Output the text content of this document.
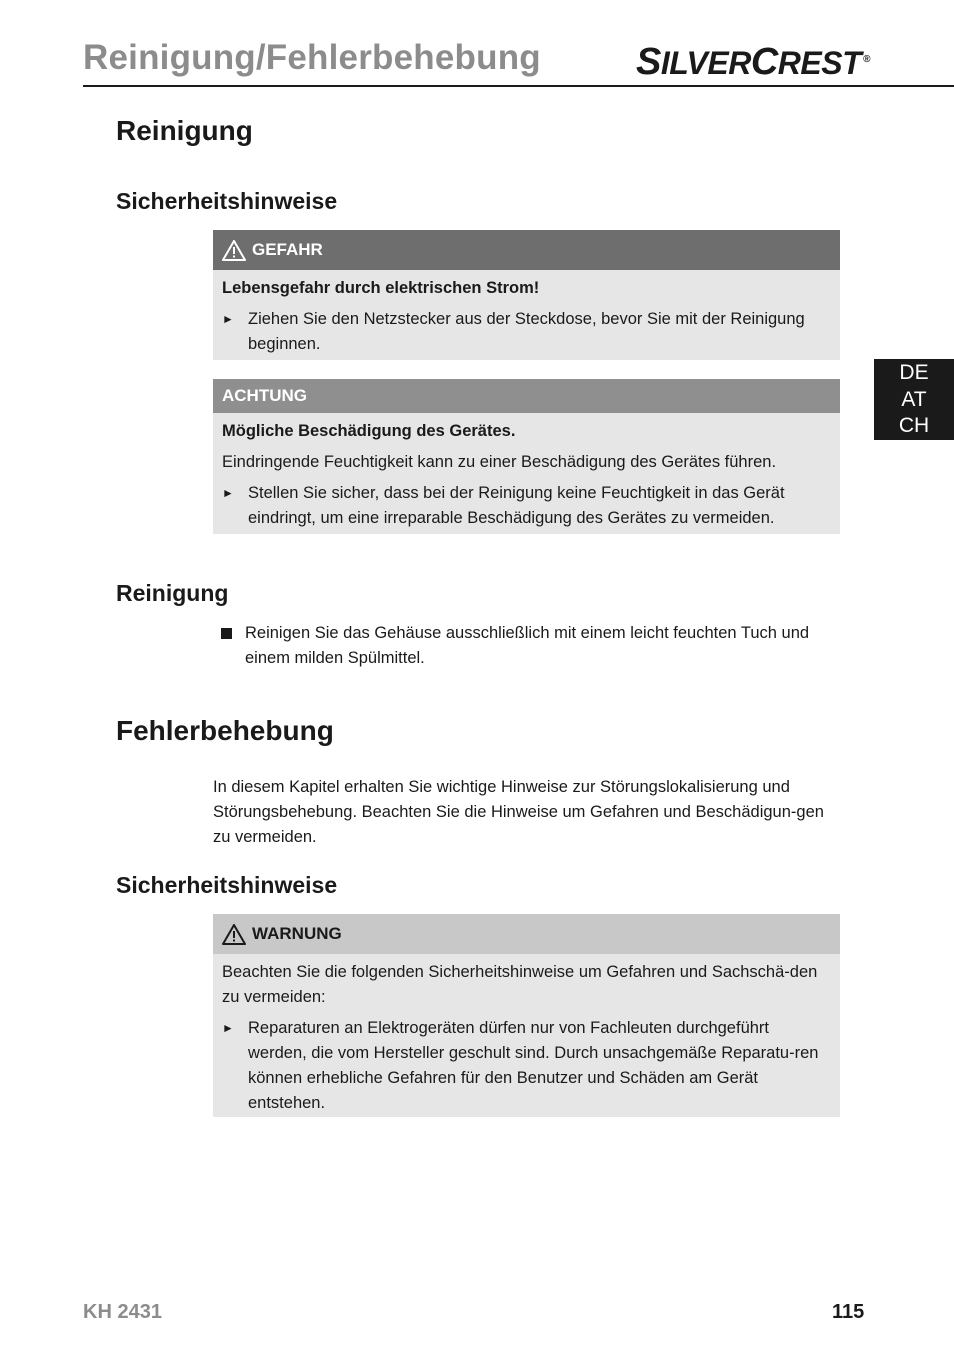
Reinigung/Fehlerbehebung	SILVERCREST ®
DE
AT
CH
Reinigung
Sicherheitshinweise
GEFAHR
Lebensgefahr durch elektrischen Strom!
► Ziehen Sie den Netzstecker aus der Steckdose, bevor Sie mit der Reinigung beginnen.
ACHTUNG
Mögliche Beschädigung des Gerätes.
Eindringende Feuchtigkeit kann zu einer Beschädigung des Gerätes führen.
► Stellen Sie sicher, dass bei der Reinigung keine Feuchtigkeit in das Gerät eindringt, um eine irreparable Beschädigung des Gerätes zu vermeiden.
Reinigung
Reinigen Sie das Gehäuse ausschließlich mit einem leicht feuchten Tuch und einem milden Spülmittel.
Fehlerbehebung
In diesem Kapitel erhalten Sie wichtige Hinweise zur Störungslokalisierung und Störungsbehebung. Beachten Sie die Hinweise um Gefahren und Beschädigun-gen zu vermeiden.
Sicherheitshinweise
WARNUNG
Beachten Sie die folgenden Sicherheitshinweise um Gefahren und Sachschä-den zu vermeiden:
► Reparaturen an Elektrogeräten dürfen nur von Fachleuten durchgeführt werden, die vom Hersteller geschult sind. Durch unsachgemäße Reparatu-ren können erhebliche Gefahren für den Benutzer und Schäden am Gerät entstehen.
KH 2431	115
